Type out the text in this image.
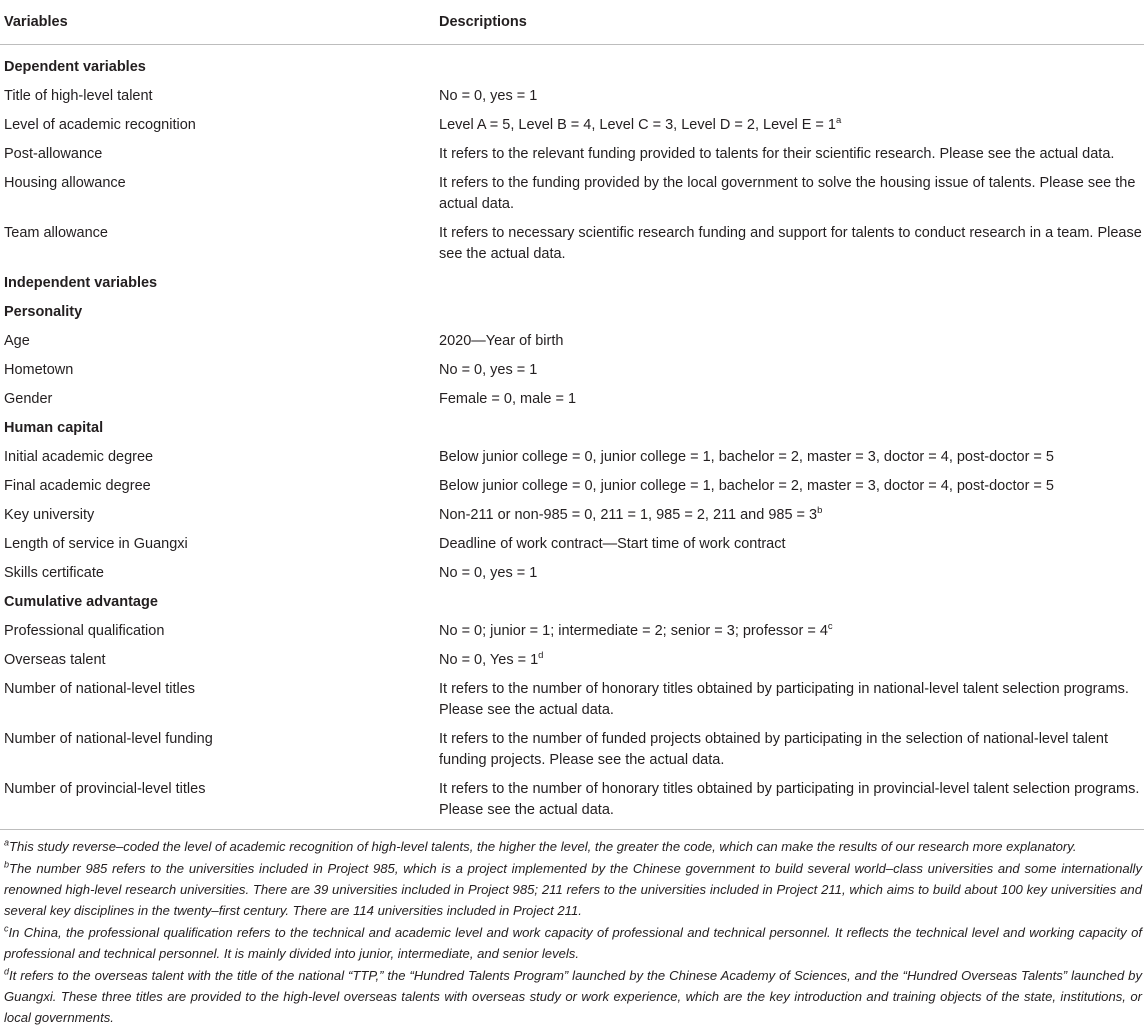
Variables	Descriptions
Dependent variables	
Title of high-level talent	No = 0, yes = 1
Level of academic recognition	Level A = 5, Level B = 4, Level C = 3, Level D = 2, Level $E = 1^a$
Post-allowance	It refers to the relevant funding provided to talents for their scientific research. Please see the actual data.
Housing allowance	It refers to the funding provided by the local government to solve the housing issue of talents. Please see the actual data.
Team allowance	It refers to necessary scientific research funding and support for talents to conduct research in a team. Please see the actual data.
Independent variables	
Personality	
Age	2020—Year of birth
Hometown	No = 0, yes = 1
Gender	Female = 0, male = 1
Human capital	
Initial academic degree	Below junior college = 0, junior college = 1, bachelor = 2, master = 3, doctor = 4, post-doctor = 5
Final academic degree	Below junior college = 0, junior college = 1, bachelor = 2, master = 3, doctor = 4, post-doctor = 5
Key university	Non-211 or non-985 = 0, 211 = 1, 985 = 2, 211 and $985 = 3^b$
Length of service in Guangxi	Deadline of work contract—Start time of work contract
Skills certificate	No = 0, yes = 1
Cumulative advantage	
Professional qualification	No = 0; junior = 1; intermediate = 2; senior = 3; professor = $4^c$
Overseas talent	No = 0, Yes = $1^d$
Number of national-level titles	It refers to the number of honorary titles obtained by participating in national-level talent selection programs. Please see the actual data.
Number of national-level funding	It refers to the number of funded projects obtained by participating in the selection of national-level talent funding projects. Please see the actual data.
Number of provincial-level titles	It refers to the number of honorary titles obtained by participating in provincial-level talent selection programs. Please see the actual data.
$^a$This study reverse–coded the level of academic recognition of high-level talents, the higher the level, the greater the code, which can make the results of our research more explanatory.
$^b$The number 985 refers to the universities included in Project 985, which is a project implemented by the Chinese government to build several world–class universities and some internationally renowned high-level research universities. There are 39 universities included in Project 985; 211 refers to the universities included in Project 211, which aims to build about 100 key universities and several key disciplines in the twenty–first century. There are 114 universities included in Project 211.
$^c$In China, the professional qualification refers to the technical and academic level and work capacity of professional and technical personnel. It reflects the technical level and working capacity of professional and technical personnel. It is mainly divided into junior, intermediate, and senior levels.
$^d$It refers to the overseas talent with the title of the national “TTP,” the “Hundred Talents Program” launched by the Chinese Academy of Sciences, and the “Hundred Overseas Talents” launched by Guangxi. These three titles are provided to the high-level overseas talents with overseas study or work experience, which are the key introduction and training objects of the state, institutions, or local governments.
